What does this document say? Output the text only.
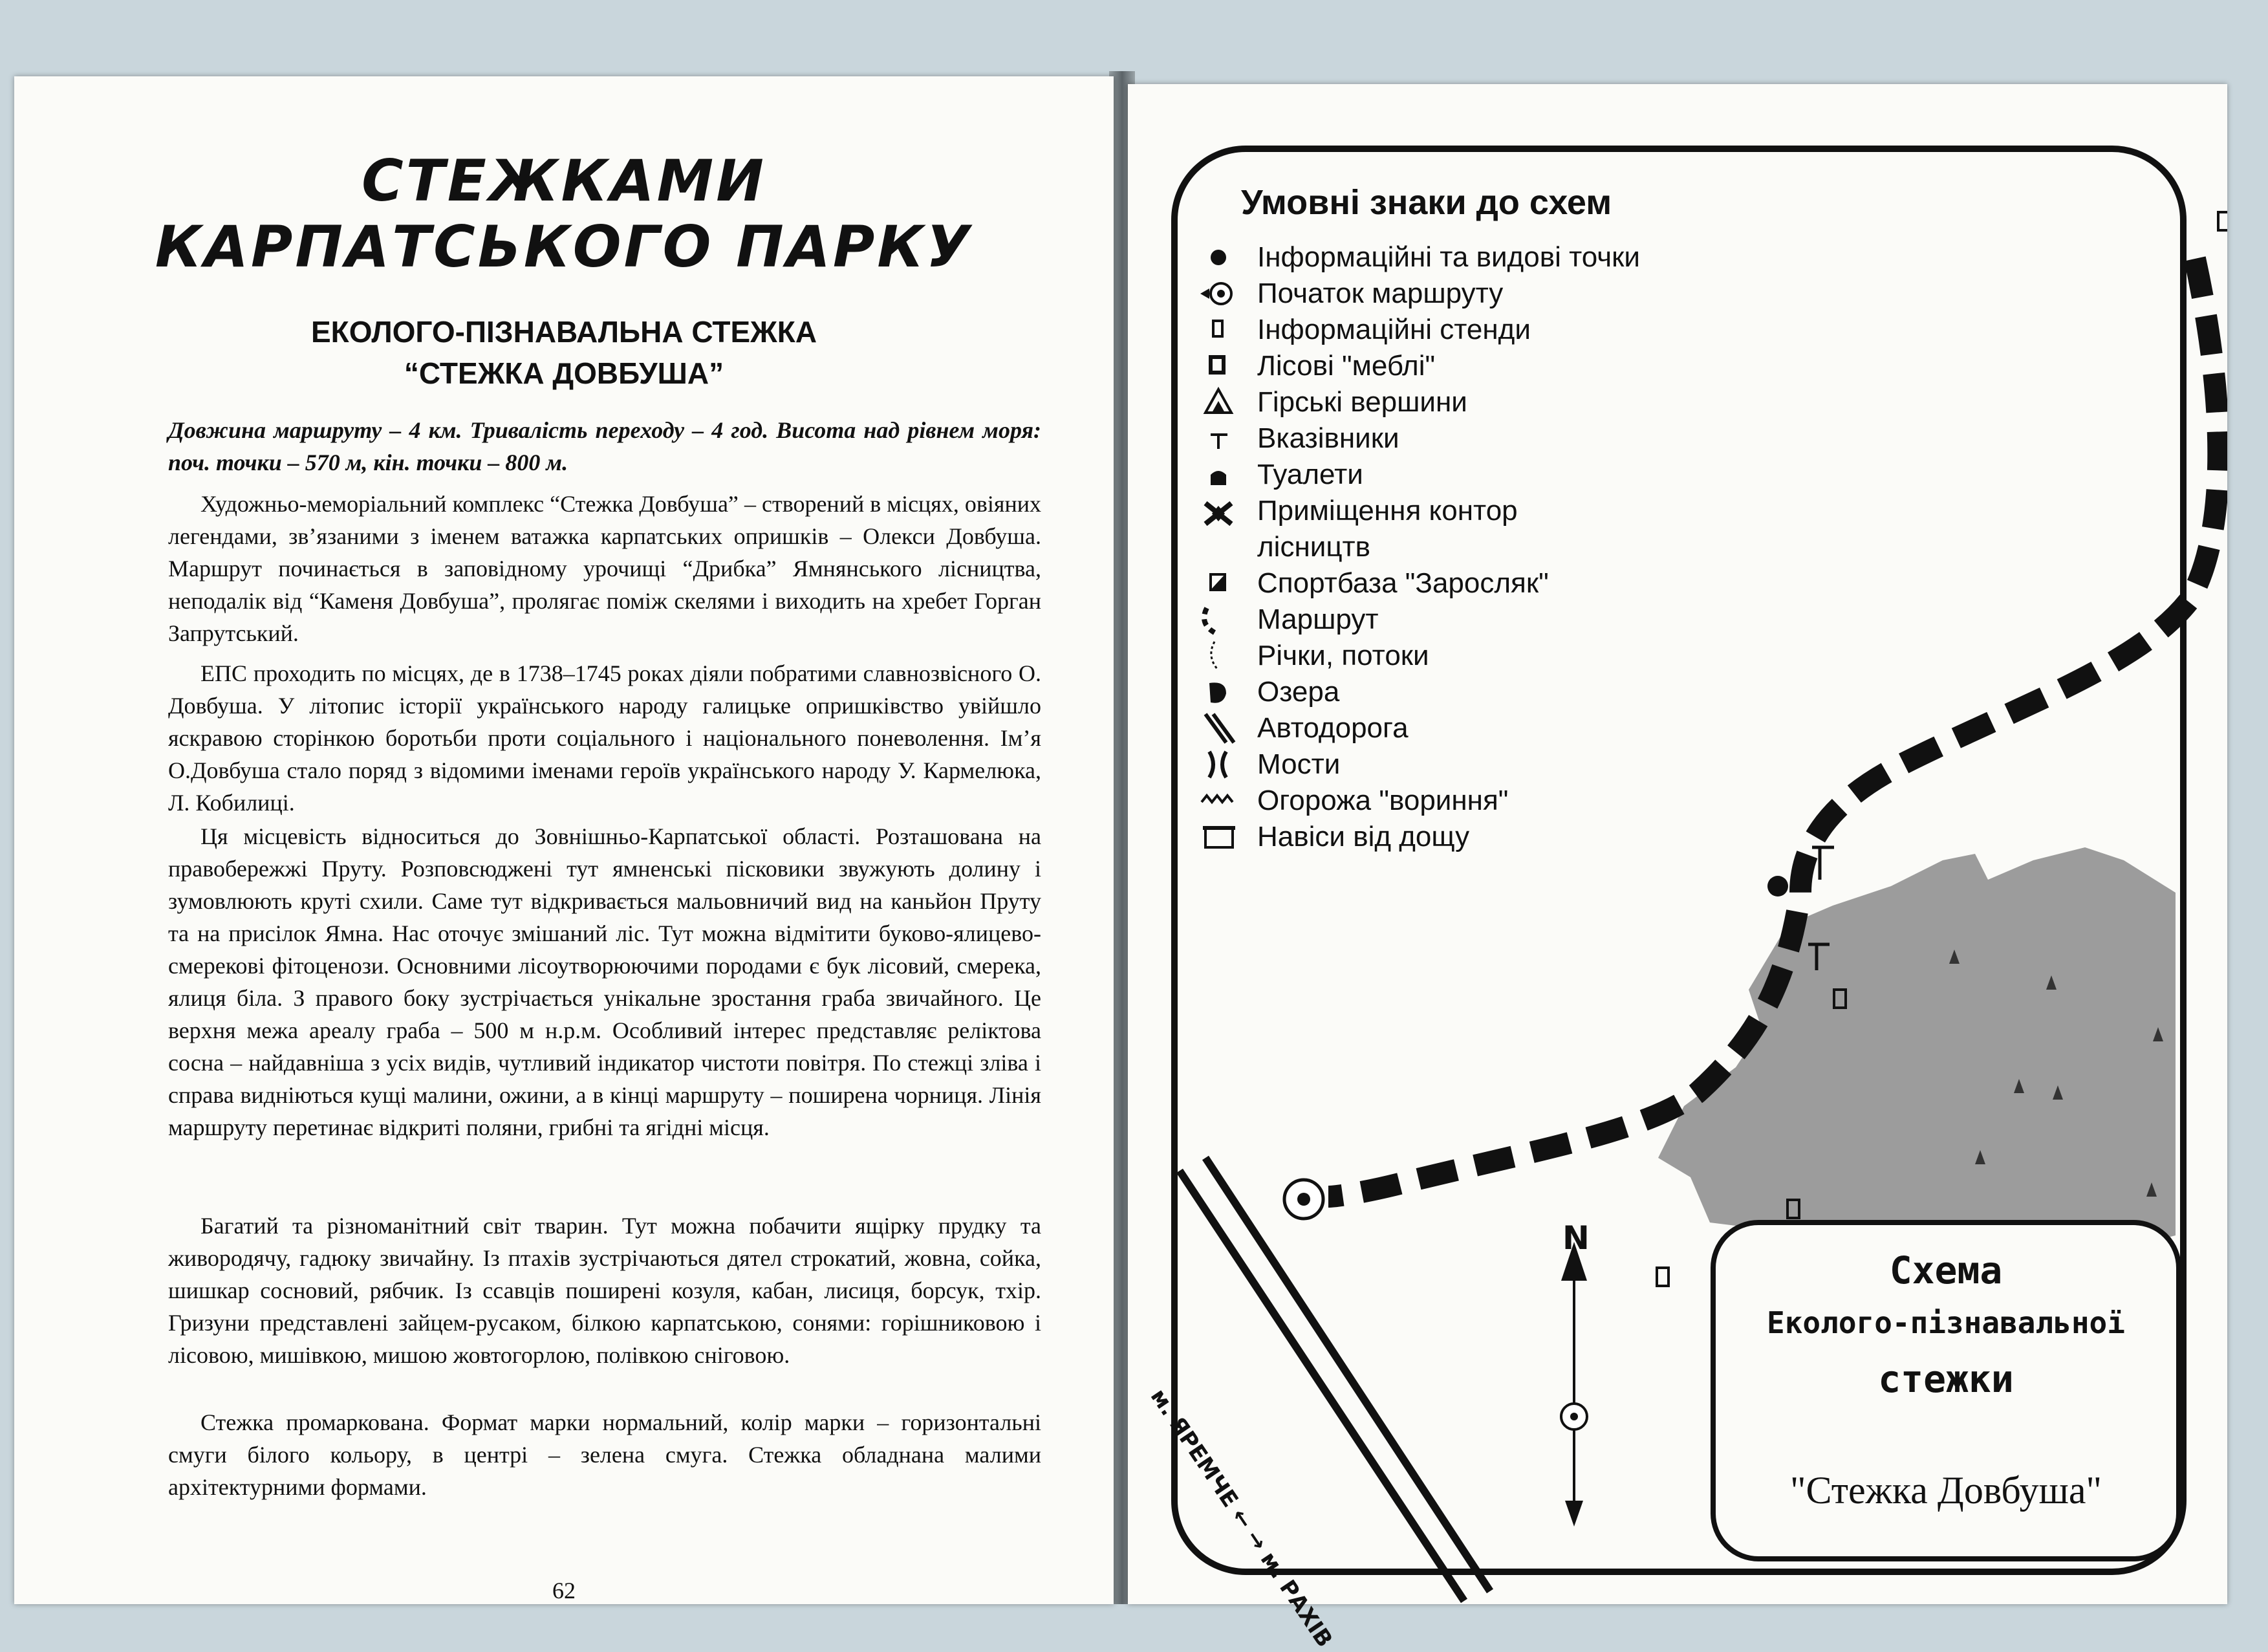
СТЕЖКАМИ
КАРПАТСЬКОГО ПАРКУ
ЕКОЛОГО-ПІЗНАВАЛЬНА СТЕЖКА
“СТЕЖКА ДОВБУША”

Довжина маршруту – 4 км. Тривалість переходу – 4 год. Висота над рівнем моря: поч. точки – 570 м, кін. точки – 800 м.

Художньо-меморіальний комплекс “Стежка Довбуша” – створений в місцях, овіяних легендами, зв’язаними з іменем ватажка карпатських опришків – Олекси Довбуша. Маршрут починається в заповідному урочищі “Дрибка” Ямнянського лісництва, неподалік від “Каменя Довбуша”, пролягає поміж скелями і виходить на хребет Горган Запрутський.

ЕПС проходить по місцях, де в 1738–1745 роках діяли побратими славнозвісного О. Довбуша. У літопис історії українського народу галицьке опришківство увійшло яскравою сторінкою боротьби проти соціального і національного поневолення. Ім’я О.Довбуша стало поряд з відомими іменами героїв українського народу У. Кармелюка, Л. Кобилиці.

Ця місцевість відноситься до Зовнішньо-Карпатської області. Розташована на правобережжі Пруту. Розповсюджені тут ямненські пісковики звужують долину і зумовлюють круті схили. Саме тут відкривається мальовничий вид на каньйон Пруту та на присілок Ямна. Нас оточує змішаний ліс. Тут можна відмітити буково-ялицево-смерекові фітоценози. Основними лісоутворюючими породами є бук лісовий, смерека, ялиця біла. З правого боку зустрічається унікальне зростання граба звичайного. Це верхня межа ареалу граба – 500 м н.р.м. Особливий інтерес представляє реліктова сосна – найдавніша з усіх видів, чутливий індикатор чистоти повітря. По стежці зліва і справа видніються кущі малини, ожини, а в кінці маршруту – поширена чорниця. Лінія маршруту перетинає відкриті поляни, грибні та ягідні місця.

Багатий та різноманітний світ тварин. Тут можна побачити ящірку прудку та живородячу, гадюку звичайну. Із птахів зустрічаються дятел строкатий, жовна, сойка, шишкар сосновий, рябчик. Із ссавців поширені козуля, кабан, лисиця, борсук, тхір. Гризуни представлені зайцем-русаком, білкою карпатською, сонями: горішниковою і лісовою, мишівкою, мишою жовтогорлою, полівкою сніговою.

Стежка промаркована. Формат марки нормальний, колір марки – горизонтальні смуги білого кольору, в центрі – зелена смуга. Стежка обладнана малими архітектурними формами.

62
Умовні знаки до схем
Інформаційні та видові точки
Початок маршруту
Інформаційні стенди
Лісові "меблі"
Гірські вершини
Вказівники
Туалети
Приміщення контор
лісництв
Спортбаза "Заросляк"
Маршрут
Річки, потоки
Озера
Автодорога
Мости
Огорожа "вориння"
Навіси від дощу
Схема
Еколого-пізнавальної
стежки
"Стежка Довбуша"
м. ЯРЕМЧЕ ← → м. РАХІВ
N
